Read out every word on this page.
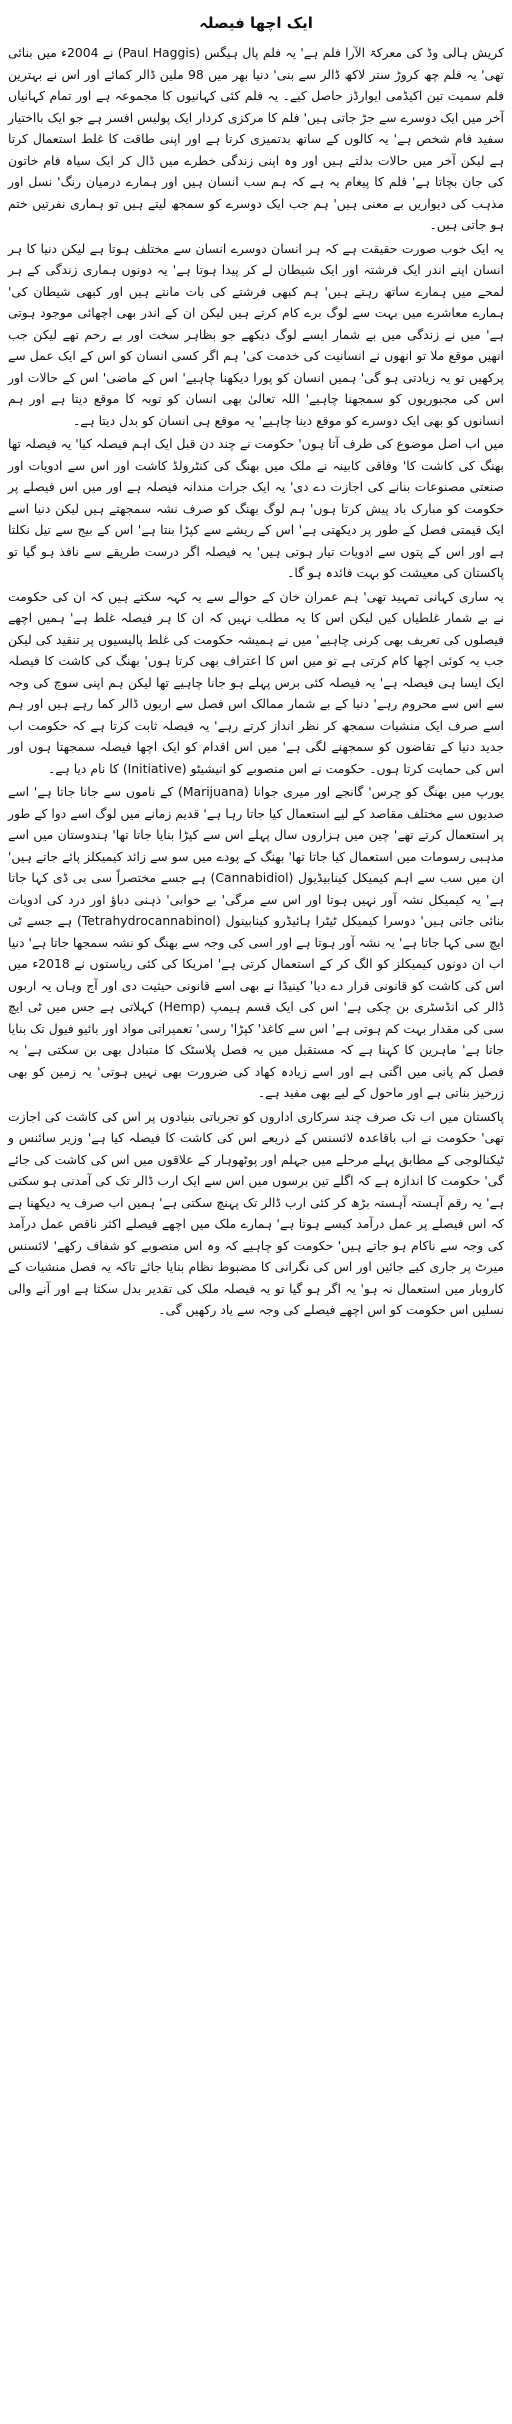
ایک اچھا فیصلہ

کریش ہالی وڈ کی معرکۃ الآرا فلم ہے' یہ فلم پال ہیگس (Paul Haggis) نے 2004ء میں بنائی تھی' یہ فلم چھ کروڑ ستر لاکھ ڈالر سے بنی' دنیا بھر میں 98 ملین ڈالر کمائے اور اس نے بہترین فلم سمیت تین اکیڈمی ایوارڈز حاصل کیے۔ یہ فلم کئی کہانیوں کا مجموعہ ہے اور تمام کہانیاں آخر میں ایک دوسرے سے جڑ جاتی ہیں' فلم کا مرکزی کردار ایک پولیس افسر ہے جو ایک بااختیار سفید فام شخص ہے' یہ کالوں کے ساتھ بدتمیزی کرتا ہے اور اپنی طاقت کا غلط استعمال کرتا ہے لیکن آخر میں حالات بدلتے ہیں اور وہ اپنی زندگی خطرے میں ڈال کر ایک سیاہ فام خاتون کی جان بچاتا ہے' فلم کا پیغام یہ ہے کہ ہم سب انسان ہیں اور ہمارے درمیان رنگ' نسل اور مذہب کی دیواریں بے معنی ہیں' ہم جب ایک دوسرے کو سمجھ لیتے ہیں تو ہماری نفرتیں ختم ہو جاتی ہیں۔

یہ ایک خوب صورت حقیقت ہے کہ ہر انسان دوسرے انسان سے مختلف ہوتا ہے لیکن دنیا کا ہر انسان اپنے اندر ایک فرشتہ اور ایک شیطان لے کر پیدا ہوتا ہے' یہ دونوں ہماری زندگی کے ہر لمحے میں ہمارے ساتھ رہتے ہیں' ہم کبھی فرشتے کی بات مانتے ہیں اور کبھی شیطان کی' ہمارے معاشرے میں بہت سے لوگ برے کام کرتے ہیں لیکن ان کے اندر بھی اچھائی موجود ہوتی ہے' میں نے زندگی میں بے شمار ایسے لوگ دیکھے جو بظاہر سخت اور بے رحم تھے لیکن جب انھیں موقع ملا تو انھوں نے انسانیت کی خدمت کی' ہم اگر کسی انسان کو اس کے ایک عمل سے پرکھیں تو یہ زیادتی ہو گی' ہمیں انسان کو پورا دیکھنا چاہیے' اس کے ماضی' اس کے حالات اور اس کی مجبوریوں کو سمجھنا چاہیے' اللہ تعالیٰ بھی انسان کو توبہ کا موقع دیتا ہے اور ہم انسانوں کو بھی ایک دوسرے کو موقع دینا چاہیے' یہ موقع ہی انسان کو بدل دیتا ہے۔

میں اب اصل موضوع کی طرف آتا ہوں' حکومت نے چند دن قبل ایک اہم فیصلہ کیا' یہ فیصلہ تھا بھنگ کی کاشت کا' وفاقی کابینہ نے ملک میں بھنگ کی کنٹرولڈ کاشت اور اس سے ادویات اور صنعتی مصنوعات بنانے کی اجازت دے دی' یہ ایک جرات مندانہ فیصلہ ہے اور میں اس فیصلے پر حکومت کو مبارک باد پیش کرتا ہوں' ہم لوگ بھنگ کو صرف نشہ سمجھتے ہیں لیکن دنیا اسے ایک قیمتی فصل کے طور پر دیکھتی ہے' اس کے ریشے سے کپڑا بنتا ہے' اس کے بیج سے تیل نکلتا ہے اور اس کے پتوں سے ادویات تیار ہوتی ہیں' یہ فیصلہ اگر درست طریقے سے نافذ ہو گیا تو پاکستان کی معیشت کو بہت فائدہ ہو گا۔

یہ ساری کہانی تمہید تھی' ہم عمران خان کے حوالے سے یہ کہہ سکتے ہیں کہ ان کی حکومت نے بے شمار غلطیاں کیں لیکن اس کا یہ مطلب نہیں کہ ان کا ہر فیصلہ غلط ہے' ہمیں اچھے فیصلوں کی تعریف بھی کرنی چاہیے' میں نے ہمیشہ حکومت کی غلط پالیسیوں پر تنقید کی لیکن جب یہ کوئی اچھا کام کرتی ہے تو میں اس کا اعتراف بھی کرتا ہوں' بھنگ کی کاشت کا فیصلہ ایک ایسا ہی فیصلہ ہے' یہ فیصلہ کئی برس پہلے ہو جانا چاہیے تھا لیکن ہم اپنی سوچ کی وجہ سے اس سے محروم رہے' دنیا کے بے شمار ممالک اس فصل سے اربوں ڈالر کما رہے ہیں اور ہم اسے صرف ایک منشیات سمجھ کر نظر انداز کرتے رہے' یہ فیصلہ ثابت کرتا ہے کہ حکومت اب جدید دنیا کے تقاضوں کو سمجھنے لگی ہے' میں اس اقدام کو ایک اچھا فیصلہ سمجھتا ہوں اور اس کی حمایت کرتا ہوں۔ حکومت نے اس منصوبے کو انیشیٹو (Initiative) کا نام دیا ہے۔

یورپ میں بھنگ کو چرس' گانجے اور میری جوانا (Marijuana) کے ناموں سے جانا جاتا ہے' اسے صدیوں سے مختلف مقاصد کے لیے استعمال کیا جاتا رہا ہے' قدیم زمانے میں لوگ اسے دوا کے طور پر استعمال کرتے تھے' چین میں ہزاروں سال پہلے اس سے کپڑا بنایا جاتا تھا' ہندوستان میں اسے مذہبی رسومات میں استعمال کیا جاتا تھا' بھنگ کے پودے میں سو سے زائد کیمیکلز پائے جاتے ہیں' ان میں سب سے اہم کیمیکل کینابیڈیول (Cannabidiol) ہے جسے مختصراً سی بی ڈی کہا جاتا ہے' یہ کیمیکل نشہ آور نہیں ہوتا اور اس سے مرگی' بے خوابی' ذہنی دباؤ اور درد کی ادویات بنائی جاتی ہیں' دوسرا کیمیکل ٹیٹرا ہائیڈرو کینابینول (Tetrahydrocannabinol) ہے جسے ٹی ایچ سی کہا جاتا ہے' یہ نشہ آور ہوتا ہے اور اسی کی وجہ سے بھنگ کو نشہ سمجھا جاتا ہے' دنیا اب ان دونوں کیمیکلز کو الگ کر کے استعمال کرتی ہے' امریکا کی کئی ریاستوں نے 2018ء میں اس کی کاشت کو قانونی قرار دے دیا' کینیڈا نے بھی اسے قانونی حیثیت دی اور آج وہاں یہ اربوں ڈالر کی انڈسٹری بن چکی ہے' اس کی ایک قسم ہیمپ (Hemp) کہلاتی ہے جس میں ٹی ایچ سی کی مقدار بہت کم ہوتی ہے' اس سے کاغذ' کپڑا' رسی' تعمیراتی مواد اور بائیو فیول تک بنایا جاتا ہے' ماہرین کا کہنا ہے کہ مستقبل میں یہ فصل پلاسٹک کا متبادل بھی بن سکتی ہے' یہ فصل کم پانی میں اگتی ہے اور اسے زیادہ کھاد کی ضرورت بھی نہیں ہوتی' یہ زمین کو بھی زرخیز بناتی ہے اور ماحول کے لیے بھی مفید ہے۔

پاکستان میں اب تک صرف چند سرکاری اداروں کو تجرباتی بنیادوں پر اس کی کاشت کی اجازت تھی' حکومت نے اب باقاعدہ لائسنس کے ذریعے اس کی کاشت کا فیصلہ کیا ہے' وزیر سائنس و ٹیکنالوجی کے مطابق پہلے مرحلے میں جہلم اور پوٹھوہار کے علاقوں میں اس کی کاشت کی جائے گی' حکومت کا اندازہ ہے کہ اگلے تین برسوں میں اس سے ایک ارب ڈالر تک کی آمدنی ہو سکتی ہے' یہ رقم آہستہ آہستہ بڑھ کر کئی ارب ڈالر تک پہنچ سکتی ہے' ہمیں اب صرف یہ دیکھنا ہے کہ اس فیصلے پر عمل درآمد کیسے ہوتا ہے' ہمارے ملک میں اچھے فیصلے اکثر ناقص عمل درآمد کی وجہ سے ناکام ہو جاتے ہیں' حکومت کو چاہیے کہ وہ اس منصوبے کو شفاف رکھے' لائسنس میرٹ پر جاری کیے جائیں اور اس کی نگرانی کا مضبوط نظام بنایا جائے تاکہ یہ فصل منشیات کے کاروبار میں استعمال نہ ہو' یہ اگر ہو گیا تو یہ فیصلہ ملک کی تقدیر بدل سکتا ہے اور آنے والی نسلیں اس حکومت کو اس اچھے فیصلے کی وجہ سے یاد رکھیں گی۔
